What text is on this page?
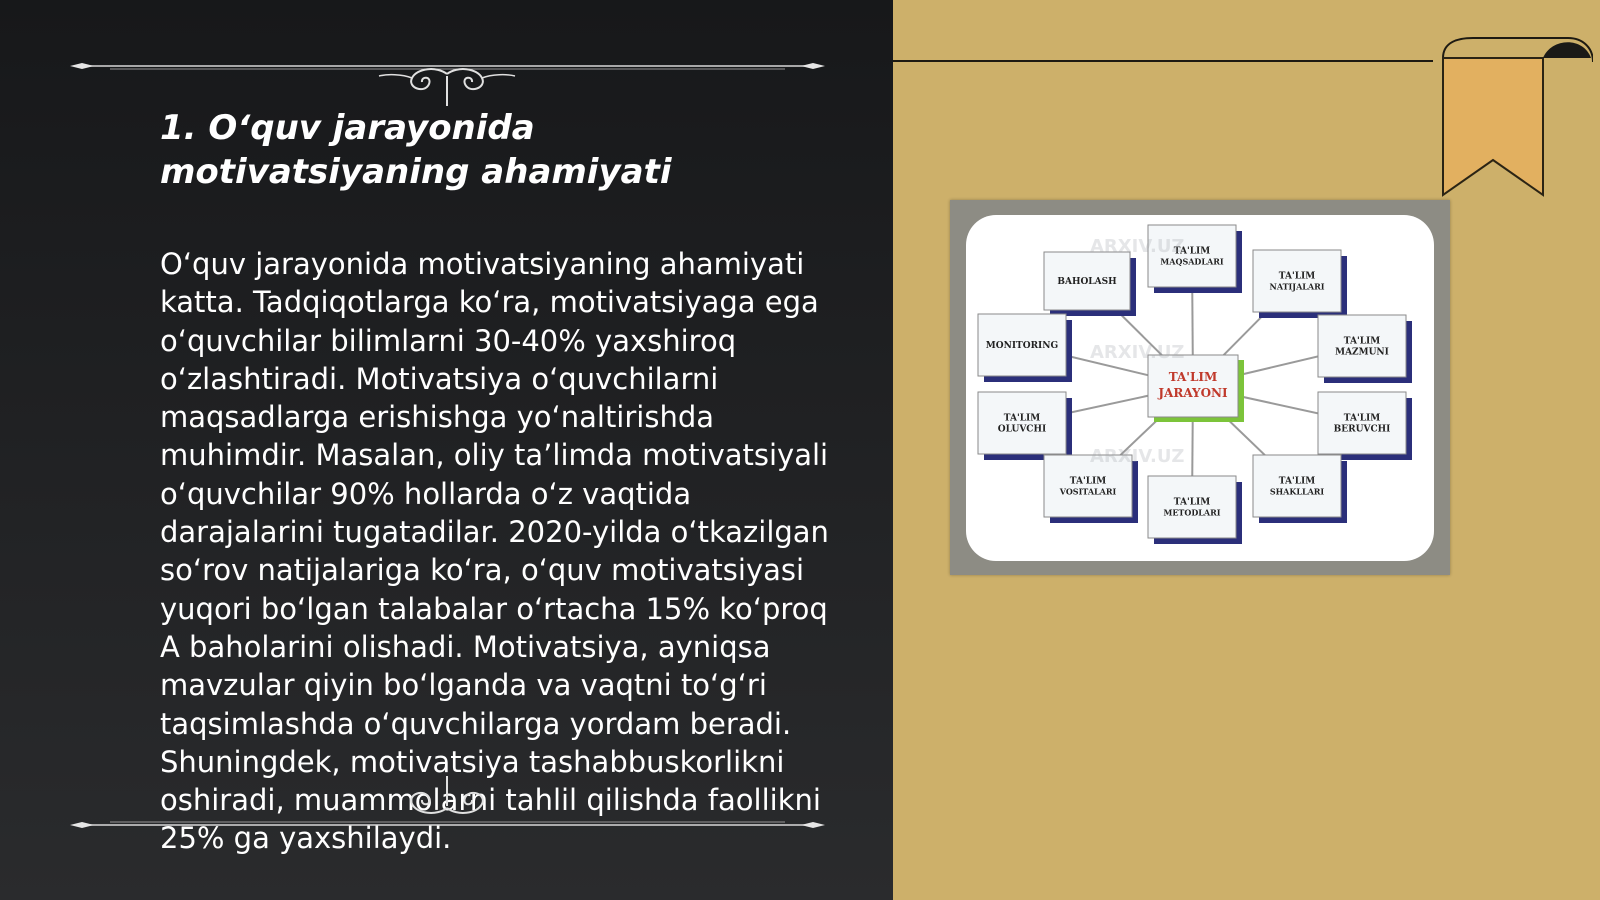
1. O‘quv jarayonida motivatsiyaning ahamiyati

O‘quv jarayonida motivatsiyaning ahamiyati katta. Tadqiqotlarga ko‘ra, motivatsiyaga ega o‘quvchilar bilimlarni 30-40% yaxshiroq o‘zlashtiradi. Motivatsiya o‘quvchilarni maqsadlarga erishishga yo‘naltirishda muhimdir. Masalan, oliy ta’limda motivatsiyali o‘quvchilar 90% hollarda o‘z vaqtida darajalarini tugatadilar. 2020-yilda o‘tkazilgan so‘rov natijalariga ko‘ra, o‘quv motivatsiyasi yuqori bo‘lgan talabalar o‘rtacha 15% ko‘proq A baholarini olishadi. Motivatsiya, ayniqsa mavzular qiyin bo‘lganda va vaqtni to‘g‘ri taqsimlashda o‘quvchilarga yordam beradi. Shuningdek, motivatsiya tashabbuskorlikni oshiradi, muammolarni tahlil qilishda faollikni 25% ga yaxshilaydi.

BAHOLASH
TA'LIM
MAQSADLARI
TA'LIM
NATIJALARI
MONITORING	TA'LIM
MAZMUNI
TA'LIM
OLUVCHI
TA'LIM
BERUVCHI
TA'LIM
VOSITALARI
TA'LIM
METODLARI
TA'LIM
SHAKLLARI
TA'LIM
JARAYONI
ARXIV.UZ
ARXIV.UZ
ARXIV.UZ
